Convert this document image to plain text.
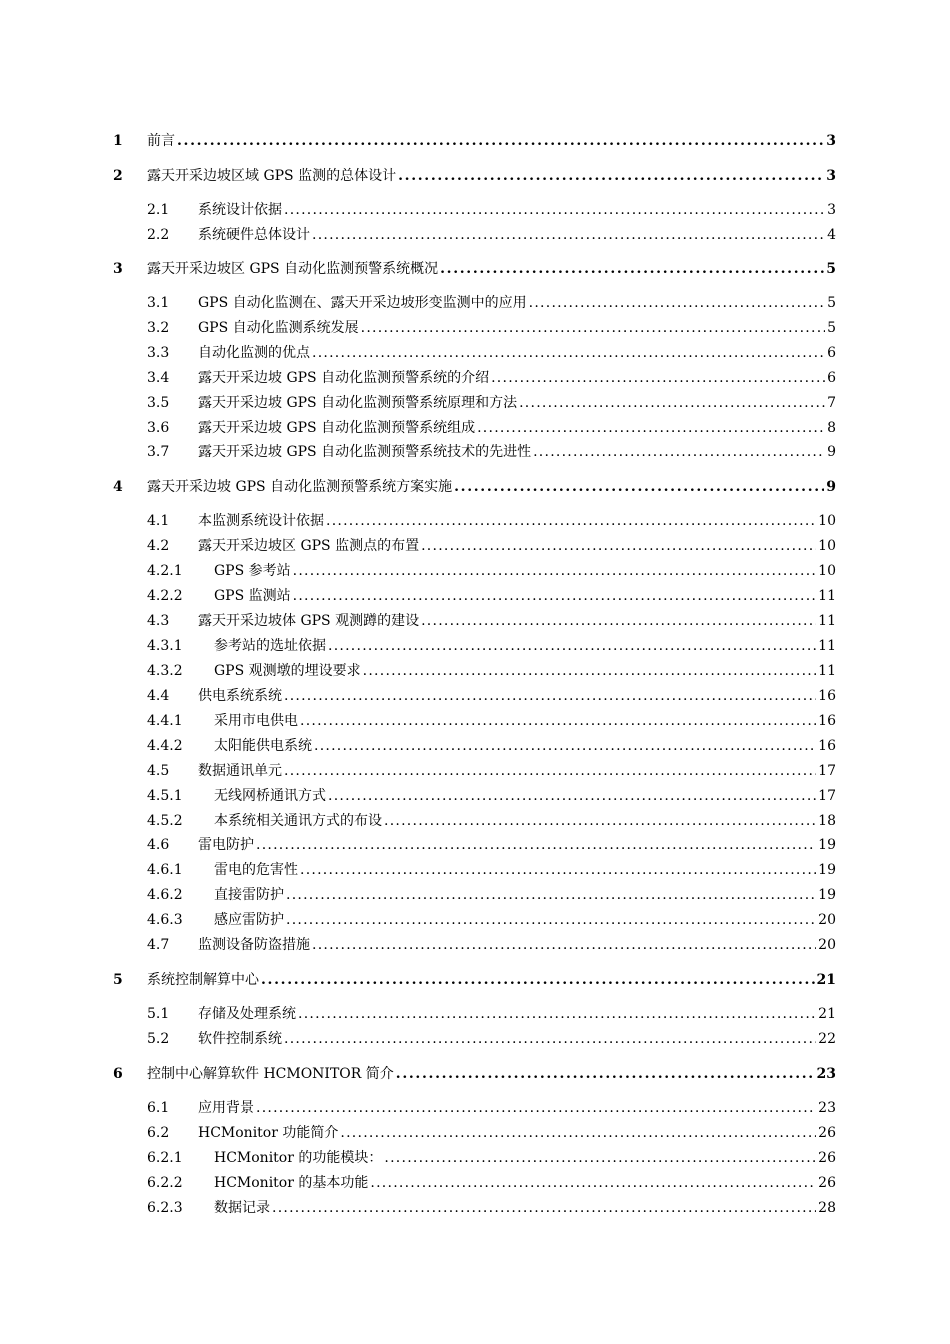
1	前言 . . .	3
2	露天开采边坡区域 GPS 监测的总体设计 . . .	3
2.1	系统设计依据 . . .	3
2.2	系统硬件总体设计 . . .	4
3	露天开采边坡区 GPS 自动化监测预警系统概况 . . .	5
3.1	GPS 自动化监测在、露天开采边坡形变监测中的应用 . . .	5
3.2	GPS 自动化监测系统发展 . . .	5
3.3	自动化监测的优点 . . .	6
3.4	露天开采边坡 GPS 自动化监测预警系统的介绍 . . .	6
3.5	露天开采边坡 GPS 自动化监测预警系统原理和方法 . . .	7
3.6	露天开采边坡 GPS 自动化监测预警系统组成 . . .	8
3.7	露天开采边坡 GPS 自动化监测预警系统技术的先进性 . . .	9
4	露天开采边坡 GPS 自动化监测预警系统方案实施 . . .	9
4.1	本监测系统设计依据 . . .	10
4.2	露天开采边坡区 GPS 监测点的布置 . . .	10
4.2.1	GPS 参考站 . . .	10
4.2.2	GPS 监测站 . . .	11
4.3	露天开采边坡体 GPS 观测蹲的建设 . . .	11
4.3.1	参考站的选址依据 . . .	11
4.3.2	GPS 观测墩的埋设要求 . . .	11
4.4	供电系统系统 . . .	16
4.4.1	采用市电供电 . . .	16
4.4.2	太阳能供电系统 . . .	16
4.5	数据通讯单元 . . .	17
4.5.1	无线网桥通讯方式 . . .	17
4.5.2	本系统相关通讯方式的布设 . . .	18
4.6	雷电防护 . . .	19
4.6.1	雷电的危害性 . . .	19
4.6.2	直接雷防护 . . .	19
4.6.3	感应雷防护 . . .	20
4.7	监测设备防盗措施 . . .	20
5	系统控制解算中心 . . .	21
5.1	存储及处理系统 . . .	21
5.2	软件控制系统 . . .	22
6	控制中心解算软件 HCMONITOR 简介 . . .	23
6.1	应用背景 . . .	23
6.2	HCMonitor 功能简介 . . .	26
6.2.1	HCMonitor 的功能模块： . . .	26
6.2.2	HCMonitor 的基本功能 . . .	26
6.2.3	数据记录 . . .	28
